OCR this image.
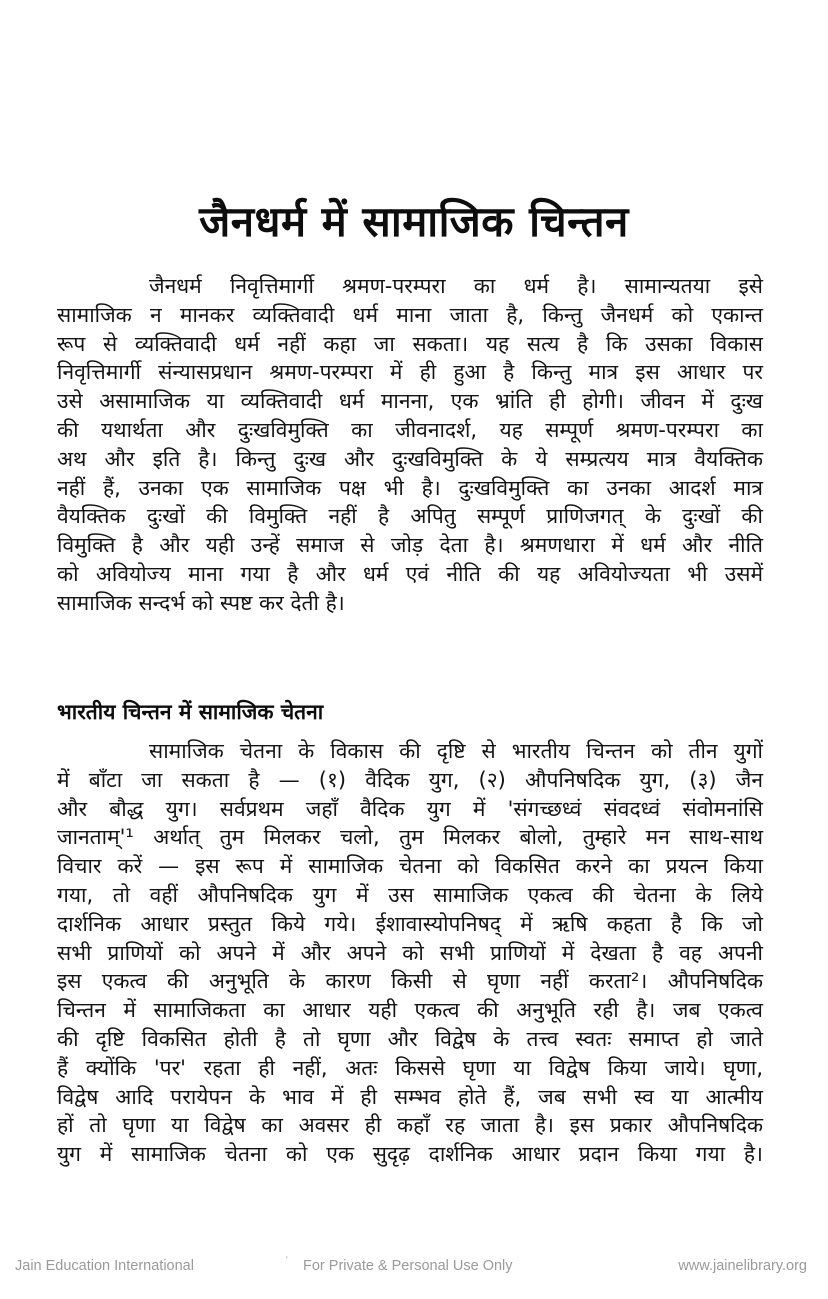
जैनधर्म में सामाजिक चिन्तन
जैनधर्म निवृत्तिमार्गी श्रमण-परम्परा का धर्म है। सामान्यतया इसे
सामाजिक न मानकर व्यक्तिवादी धर्म माना जाता है, किन्तु जैनधर्म को एकान्त
रूप से व्यक्तिवादी धर्म नहीं कहा जा सकता। यह सत्य है कि उसका विकास
निवृत्तिमार्गी संन्यासप्रधान श्रमण-परम्परा में ही हुआ है किन्तु मात्र इस आधार पर
उसे असामाजिक या व्यक्तिवादी धर्म मानना, एक भ्रांति ही होगी। जीवन में दुःख
की यथार्थता और दुःखविमुक्ति का जीवनादर्श, यह सम्पूर्ण श्रमण-परम्परा का
अथ और इति है। किन्तु दुःख और दुःखविमुक्ति के ये सम्प्रत्यय मात्र वैयक्तिक
नहीं हैं, उनका एक सामाजिक पक्ष भी है। दुःखविमुक्ति का उनका आदर्श मात्र
वैयक्तिक दुःखों की विमुक्ति नहीं है अपितु सम्पूर्ण प्राणिजगत् के दुःखों की
विमुक्ति है और यही उन्हें समाज से जोड़ देता है। श्रमणधारा में धर्म और नीति
को अवियोज्य माना गया है और धर्म एवं नीति की यह अवियोज्यता भी उसमें
सामाजिक सन्दर्भ को स्पष्ट कर देती है।
भारतीय चिन्तन में सामाजिक चेतना
सामाजिक चेतना के विकास की दृष्टि से भारतीय चिन्तन को तीन युगों
में बाँटा जा सकता है — (१) वैदिक युग, (२) औपनिषदिक युग, (३) जैन
और बौद्ध युग। सर्वप्रथम जहाँ वैदिक युग में 'संगच्छध्वं संवदध्वं संवोमनांसि
जानताम्'¹ अर्थात् तुम मिलकर चलो, तुम मिलकर बोलो, तुम्हारे मन साथ-साथ
विचार करें — इस रूप में सामाजिक चेतना को विकसित करने का प्रयत्न किया
गया, तो वहीं औपनिषदिक युग में उस सामाजिक एकत्व की चेतना के लिये
दार्शनिक आधार प्रस्तुत किये गये। ईशावास्योपनिषद् में ऋषि कहता है कि जो
सभी प्राणियों को अपने में और अपने को सभी प्राणियों में देखता है वह अपनी
इस एकत्व की अनुभूति के कारण किसी से घृणा नहीं करता²। औपनिषदिक
चिन्तन में सामाजिकता का आधार यही एकत्व की अनुभूति रही है। जब एकत्व
की दृष्टि विकसित होती है तो घृणा और विद्वेष के तत्त्व स्वतः समाप्त हो जाते
हैं क्योंकि 'पर' रहता ही नहीं, अतः किससे घृणा या विद्वेष किया जाये। घृणा,
विद्वेष आदि परायेपन के भाव में ही सम्भव होते हैं, जब सभी स्व या आत्मीय
हों तो घृणा या विद्वेष का अवसर ही कहाँ रह जाता है। इस प्रकार औपनिषदिक
युग में सामाजिक चेतना को एक सुदृढ़ दार्शनिक आधार प्रदान किया गया है।
Jain Education International	' For Private & Personal Use Only	www.jainelibrary.org
